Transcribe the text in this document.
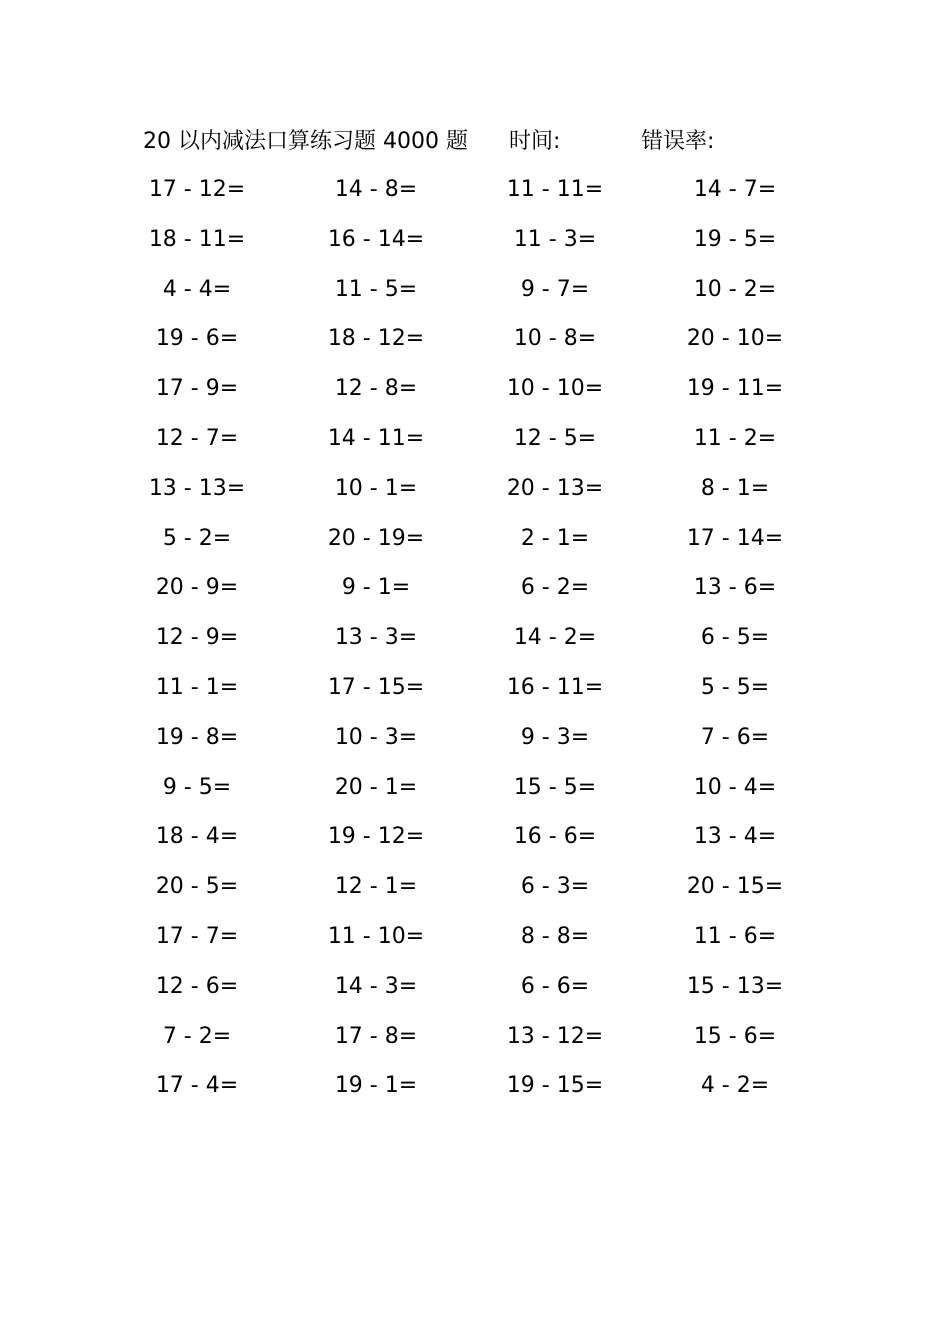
20 以内减法口算练习题 4000 题 时间:	错误率:
17 - 12=	14 - 8=	11 - 11=	14 - 7=
18 - 11=	16 - 14=	11 - 3=	19 - 5=
4 - 4=	11 - 5=	9 - 7=	10 - 2=
19 - 6=	18 - 12=	10 - 8=	20 - 10=
17 - 9=	12 - 8=	10 - 10=	19 - 11=
12 - 7=	14 - 11=	12 - 5=	11 - 2=
13 - 13=	10 - 1=	20 - 13=	8 - 1=
5 - 2=	20 - 19=	2 - 1=	17 - 14=
20 - 9=	9 - 1=	6 - 2=	13 - 6=
12 - 9=	13 - 3=	14 - 2=	6 - 5=
11 - 1=	17 - 15=	16 - 11=	5 - 5=
19 - 8=	10 - 3=	9 - 3=	7 - 6=
9 - 5=	20 - 1=	15 - 5=	10 - 4=
18 - 4=	19 - 12=	16 - 6=	13 - 4=
20 - 5=	12 - 1=	6 - 3=	20 - 15=
17 - 7=	11 - 10=	8 - 8=	11 - 6=
12 - 6=	14 - 3=	6 - 6=	15 - 13=
7 - 2=	17 - 8=	13 - 12=	15 - 6=
17 - 4=	19 - 1=	19 - 15=	4 - 2=
